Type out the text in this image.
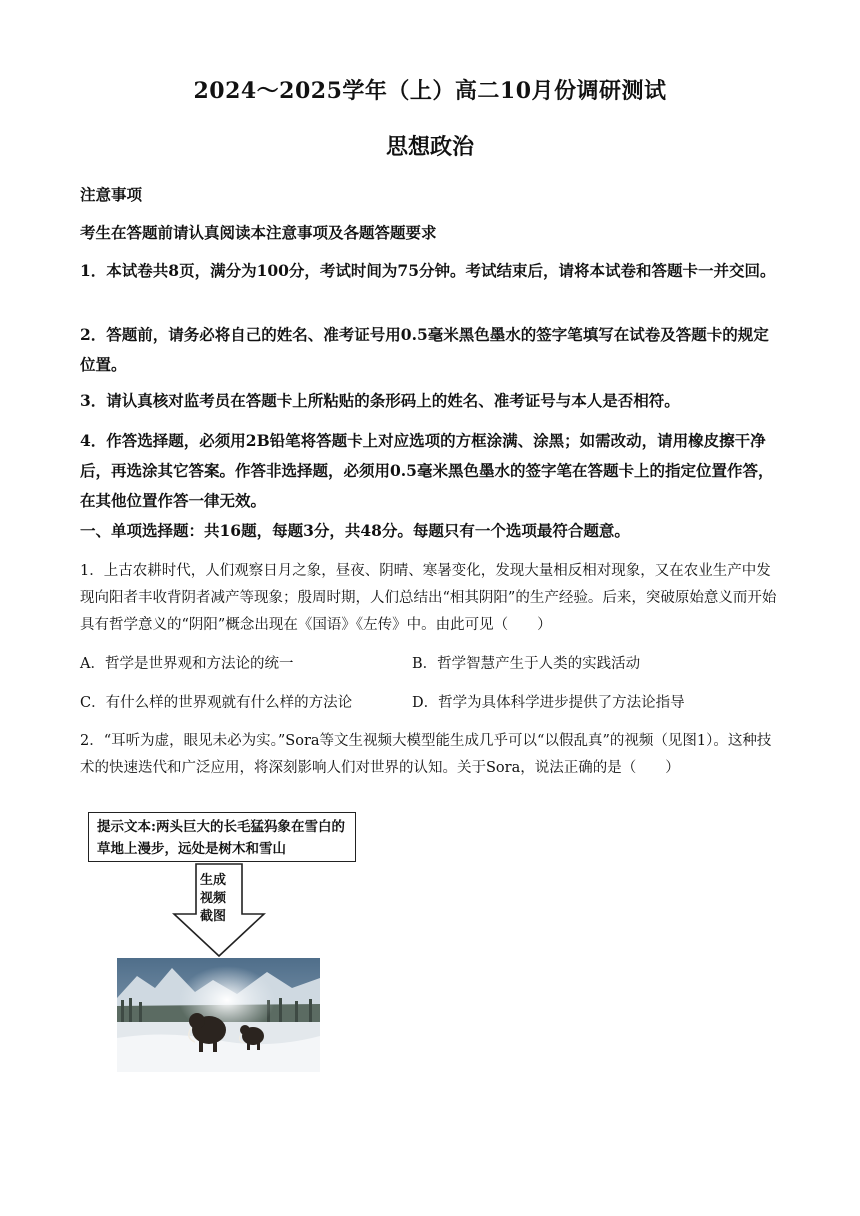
2024～2025学年（上）高二10月份调研测试
思想政治
注意事项
考生在答题前请认真阅读本注意事项及各题答题要求
1．本试卷共8页，满分为100分，考试时间为75分钟。考试结束后，请将本试卷和答题卡一并交回。
2．答题前，请务必将自己的姓名、准考证号用0.5毫米黑色墨水的签字笔填写在试卷及答题卡的规定位置。
3．请认真核对监考员在答题卡上所粘贴的条形码上的姓名、准考证号与本人是否相符。
4．作答选择题，必须用2B铅笔将答题卡上对应选项的方框涂满、涂黑；如需改动，请用橡皮擦干净后，再选涂其它答案。作答非选择题，必须用0.5毫米黑色墨水的签字笔在答题卡上的指定位置作答，在其他位置作答一律无效。
一、单项选择题：共16题，每题3分，共48分。每题只有一个选项最符合题意。
1．上古农耕时代，人们观察日月之象，昼夜、阴晴、寒暑变化，发现大量相反相对现象，又在农业生产中发现向阳者丰收背阴者减产等现象；殷周时期，人们总结出“相其阴阳”的生产经验。后来，突破原始意义而开始具有哲学意义的“阴阳”概念出现在《国语》《左传》中。由此可见（　　）
A．哲学是世界观和方法论的统一	B．哲学智慧产生于人类的实践活动
C．有什么样的世界观就有什么样的方法论	D．哲学为具体科学进步提供了方法论指导
2．“耳听为虚，眼见未必为实。”Sora等文生视频大模型能生成几乎可以“以假乱真”的视频（见图1）。这种技术的快速迭代和广泛应用，将深刻影响人们对世界的认知。关于Sora，说法正确的是（　　）
提示文本:两头巨大的长毛猛犸象在雪白的草地上漫步，远处是树木和雪山
生成视频截图
